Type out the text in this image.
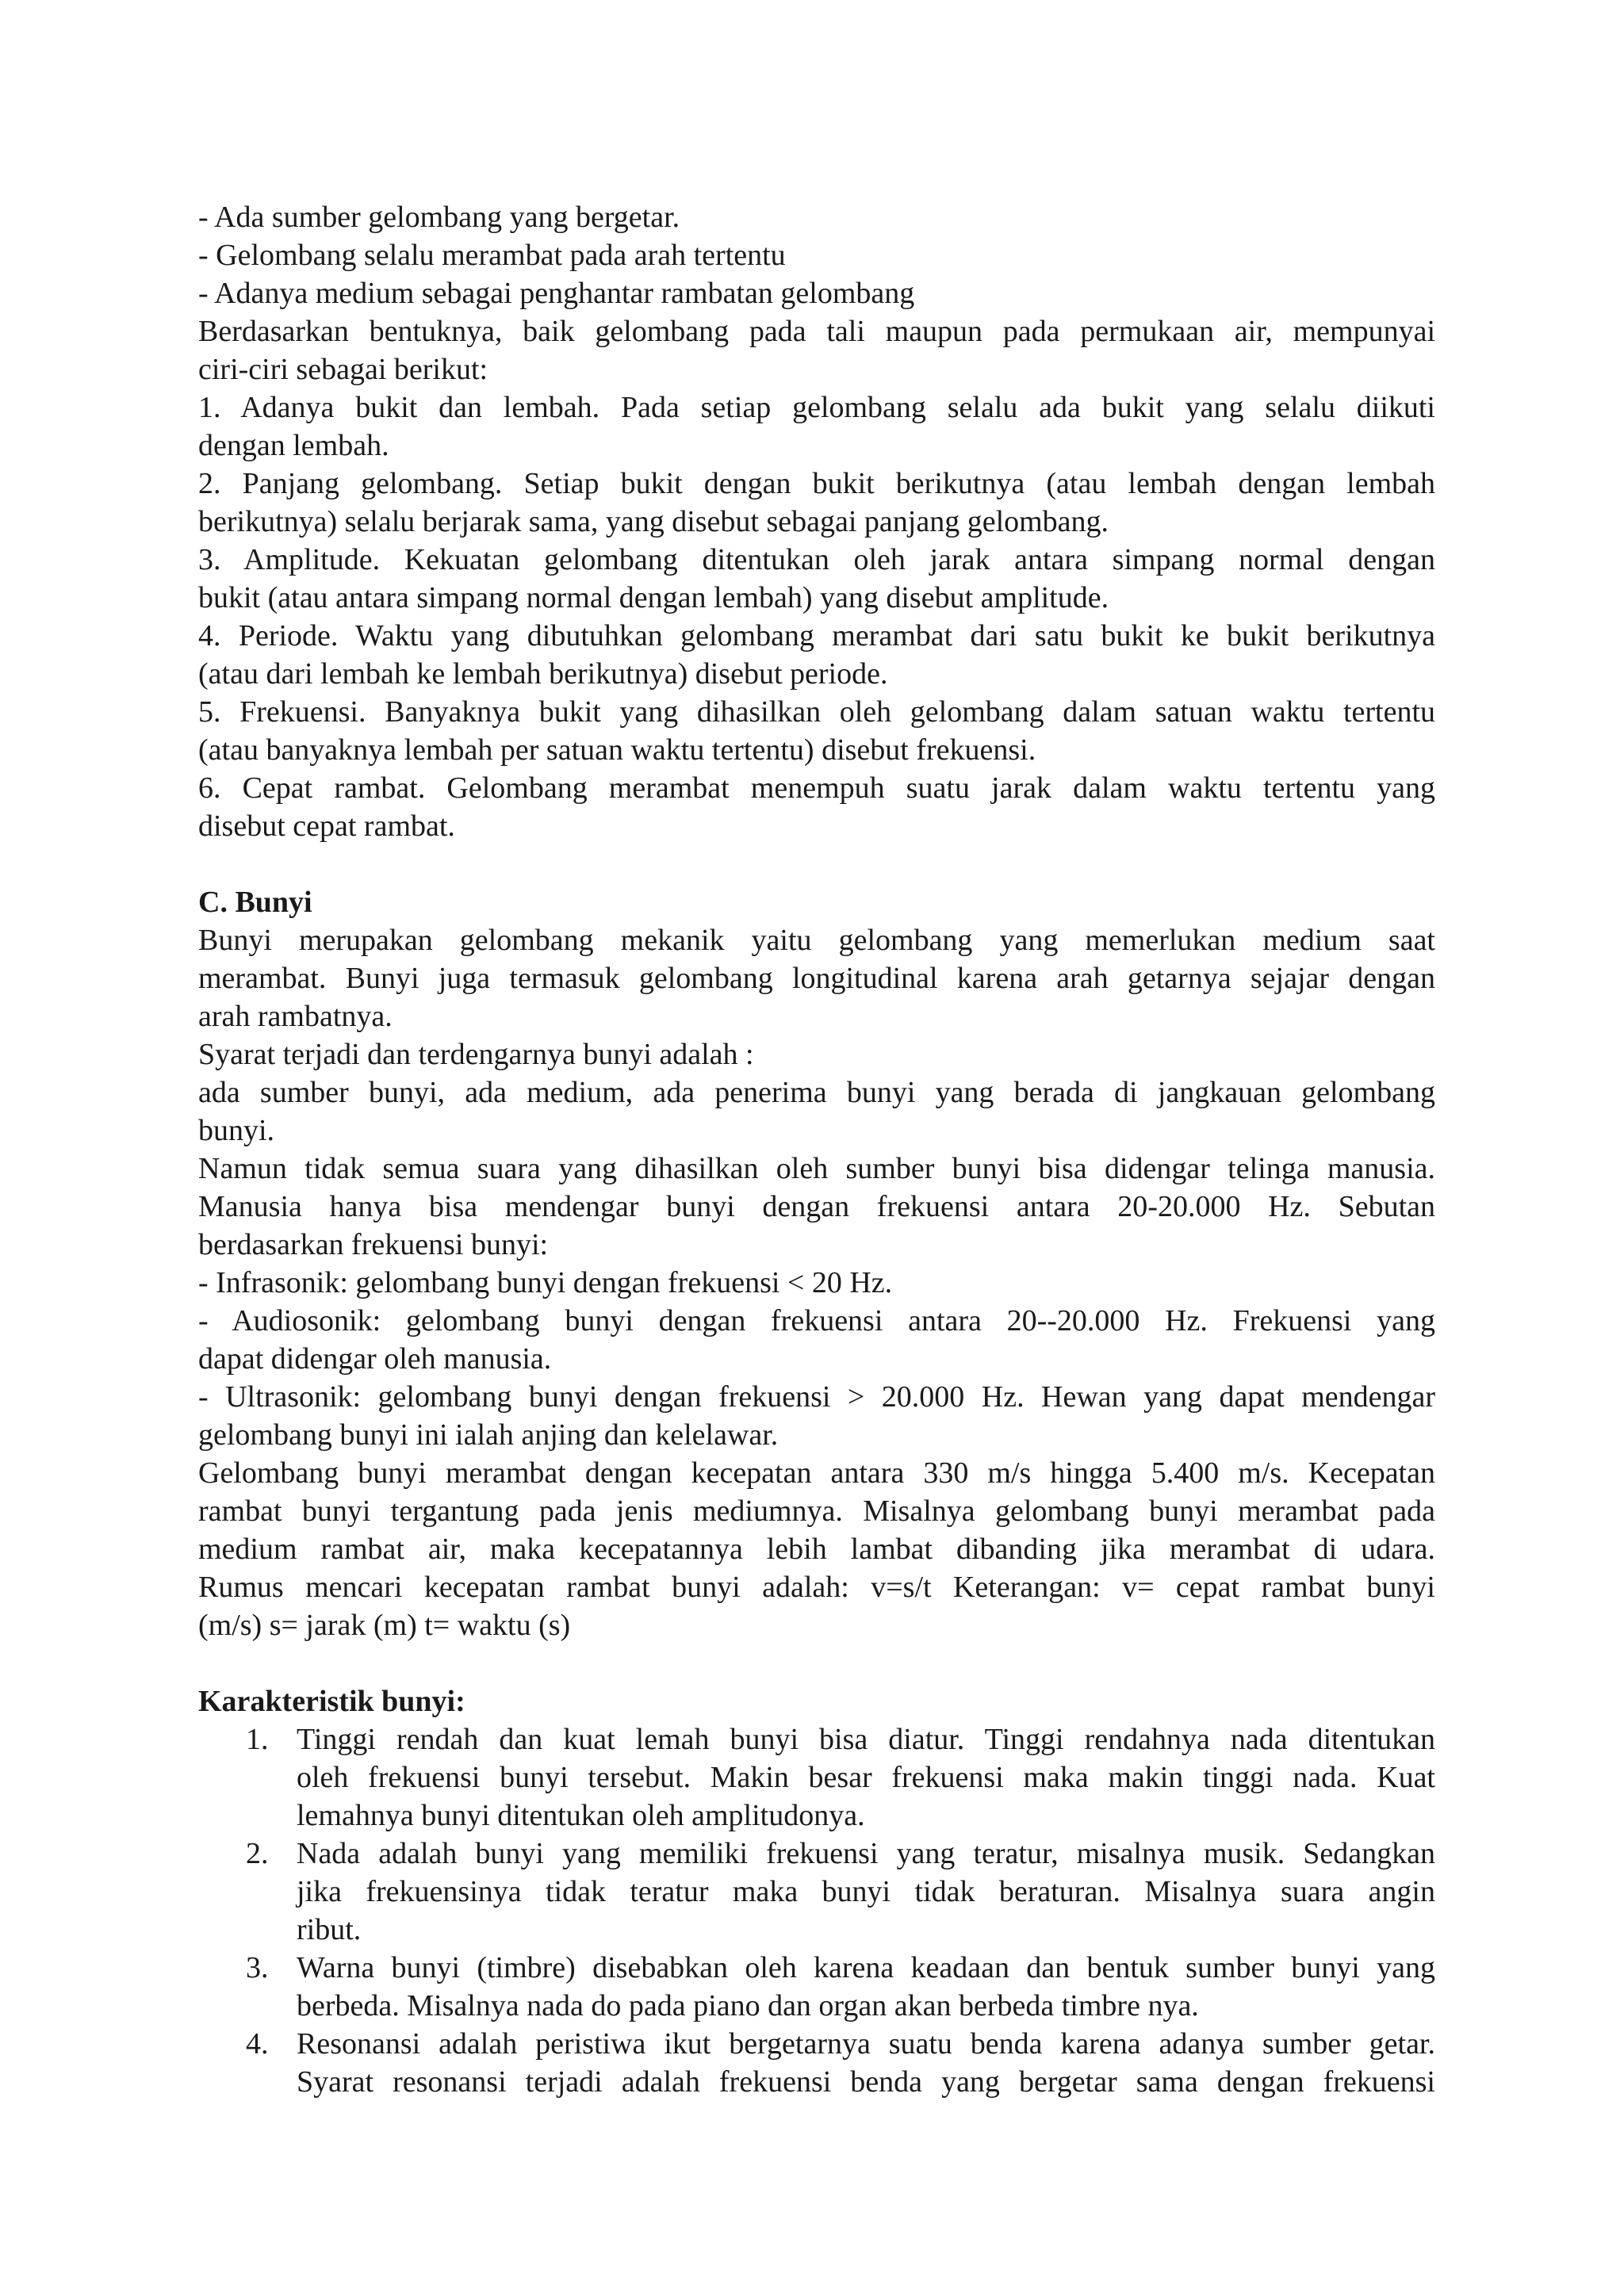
- Ada sumber gelombang yang bergetar.
- Gelombang selalu merambat pada arah tertentu
- Adanya medium sebagai penghantar rambatan gelombang
Berdasarkan bentuknya, baik gelombang pada tali maupun pada permukaan air, mempunyai
ciri-ciri sebagai berikut:
1. Adanya bukit dan lembah. Pada setiap gelombang selalu ada bukit yang selalu diikuti
dengan lembah.
2. Panjang gelombang. Setiap bukit dengan bukit berikutnya (atau lembah dengan lembah
berikutnya) selalu berjarak sama, yang disebut sebagai panjang gelombang.
3. Amplitude. Kekuatan gelombang ditentukan oleh jarak antara simpang normal dengan
bukit (atau antara simpang normal dengan lembah) yang disebut amplitude.
4. Periode. Waktu yang dibutuhkan gelombang merambat dari satu bukit ke bukit berikutnya
(atau dari lembah ke lembah berikutnya) disebut periode.
5. Frekuensi. Banyaknya bukit yang dihasilkan oleh gelombang dalam satuan waktu tertentu
(atau banyaknya lembah per satuan waktu tertentu) disebut frekuensi.
6. Cepat rambat. Gelombang merambat menempuh suatu jarak dalam waktu tertentu yang
disebut cepat rambat.
C. Bunyi
Bunyi merupakan gelombang mekanik yaitu gelombang yang memerlukan medium saat
merambat. Bunyi juga termasuk gelombang longitudinal karena arah getarnya sejajar dengan
arah rambatnya.
Syarat terjadi dan terdengarnya bunyi adalah :
ada sumber bunyi, ada medium, ada penerima bunyi yang berada di jangkauan gelombang
bunyi.
Namun tidak semua suara yang dihasilkan oleh sumber bunyi bisa didengar telinga manusia.
Manusia hanya bisa mendengar bunyi dengan frekuensi antara 20-20.000 Hz. Sebutan
berdasarkan frekuensi bunyi:
- Infrasonik: gelombang bunyi dengan frekuensi < 20 Hz.
- Audiosonik: gelombang bunyi dengan frekuensi antara 20--20.000 Hz. Frekuensi yang
dapat didengar oleh manusia.
- Ultrasonik: gelombang bunyi dengan frekuensi > 20.000 Hz. Hewan yang dapat mendengar
gelombang bunyi ini ialah anjing dan kelelawar.
Gelombang bunyi merambat dengan kecepatan antara 330 m/s hingga 5.400 m/s. Kecepatan
rambat bunyi tergantung pada jenis mediumnya. Misalnya gelombang bunyi merambat pada
medium rambat air, maka kecepatannya lebih lambat dibanding jika merambat di udara.
Rumus mencari kecepatan rambat bunyi adalah: v=s/t Keterangan: v= cepat rambat bunyi
(m/s) s= jarak (m) t= waktu (s)
Karakteristik bunyi:
1. Tinggi rendah dan kuat lemah bunyi bisa diatur. Tinggi rendahnya nada ditentukan
oleh frekuensi bunyi tersebut. Makin besar frekuensi maka makin tinggi nada. Kuat
lemahnya bunyi ditentukan oleh amplitudonya.
2. Nada adalah bunyi yang memiliki frekuensi yang teratur, misalnya musik. Sedangkan
jika frekuensinya tidak teratur maka bunyi tidak beraturan. Misalnya suara angin
ribut.
3. Warna bunyi (timbre) disebabkan oleh karena keadaan dan bentuk sumber bunyi yang
berbeda. Misalnya nada do pada piano dan organ akan berbeda timbre nya.
4. Resonansi adalah peristiwa ikut bergetarnya suatu benda karena adanya sumber getar.
Syarat resonansi terjadi adalah frekuensi benda yang bergetar sama dengan frekuensi
